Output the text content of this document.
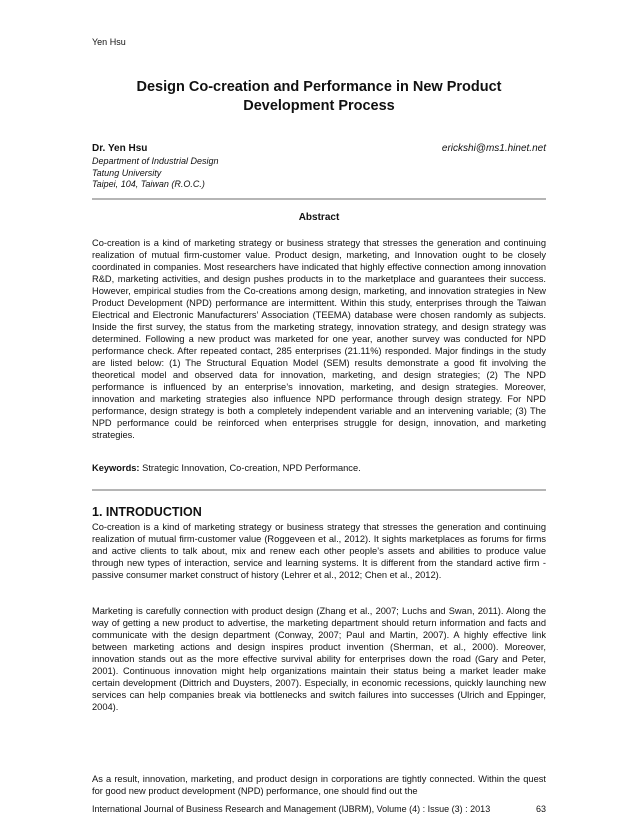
Yen Hsu
Design Co-creation and Performance in New Product Development Process
Dr. Yen Hsu	erickshi@ms1.hinet.net
Department of Industrial Design
Tatung University
Taipei, 104, Taiwan (R.O.C.)
Abstract

Co-creation is a kind of marketing strategy or business strategy that stresses the generation and continuing realization of mutual firm-customer value. Product design, marketing, and Innovation ought to be closely coordinated in companies. Most researchers have indicated that highly effective connection among innovation R&D, marketing activities, and design pushes products in to the marketplace and guarantees their success. However, empirical studies from the Co-creations among design, marketing, and innovation strategies in New Product Development (NPD) performance are intermittent. Within this study, enterprises through the Taiwan Electrical and Electronic Manufacturers’ Association (TEEMA) database were chosen randomly as subjects. Inside the first survey, the status from the marketing strategy, innovation strategy, and design strategy was determined. Following a new product was marketed for one year, another survey was conducted for NPD performance check. After repeated contact, 285 enterprises (21.11%) responded. Major findings in the study are listed below: (1) The Structural Equation Model (SEM) results demonstrate a good fit involving the theoretical model and observed data for innovation, marketing, and design strategies; (2) The NPD performance is influenced by an enterprise’s innovation, marketing, and design strategies. Moreover, innovation and marketing strategies also influence NPD performance through design strategy. For NPD performance, design strategy is both a completely independent variable and an intervening variable; (3) The NPD performance could be reinforced when enterprises struggle for design, innovation, and marketing strategies.

Keywords: Strategic Innovation, Co-creation, NPD Performance.
1. INTRODUCTION

Co-creation is a kind of marketing strategy or business strategy that stresses the generation and continuing realization of mutual firm-customer value (Roggeveen et al., 2012). It sights marketplaces as forums for firms and active clients to talk about, mix and renew each other people’s assets and abilities to produce value through new types of interaction, service and learning systems. It is different from the standard active firm - passive consumer market construct of history (Lehrer et al., 2012; Chen et al., 2012).

Marketing is carefully connection with product design (Zhang et al., 2007; Luchs and Swan, 2011). Along the way of getting a new product to advertise, the marketing department should return information and facts and communicate with the design department (Conway, 2007; Paul and Martin, 2007). A highly effective link between marketing actions and design inspires product invention (Sherman, et al., 2000). Moreover, innovation stands out as the more effective survival ability for enterprises down the road (Gary and Peter, 2001). Continuous innovation might help organizations maintain their status being a market leader make certain development (Dittrich and Duysters, 2007). Especially, in economic recessions, quickly launching new services can help companies break via bottlenecks and switch failures into successes (Ulrich and Eppinger, 2004).

As a result, innovation, marketing, and product design in corporations are tightly connected. Within the quest for good new product development (NPD) performance, one should find out the

International Journal of Business Research and Management (IJBRM), Volume (4) : Issue (3) : 2013	63
